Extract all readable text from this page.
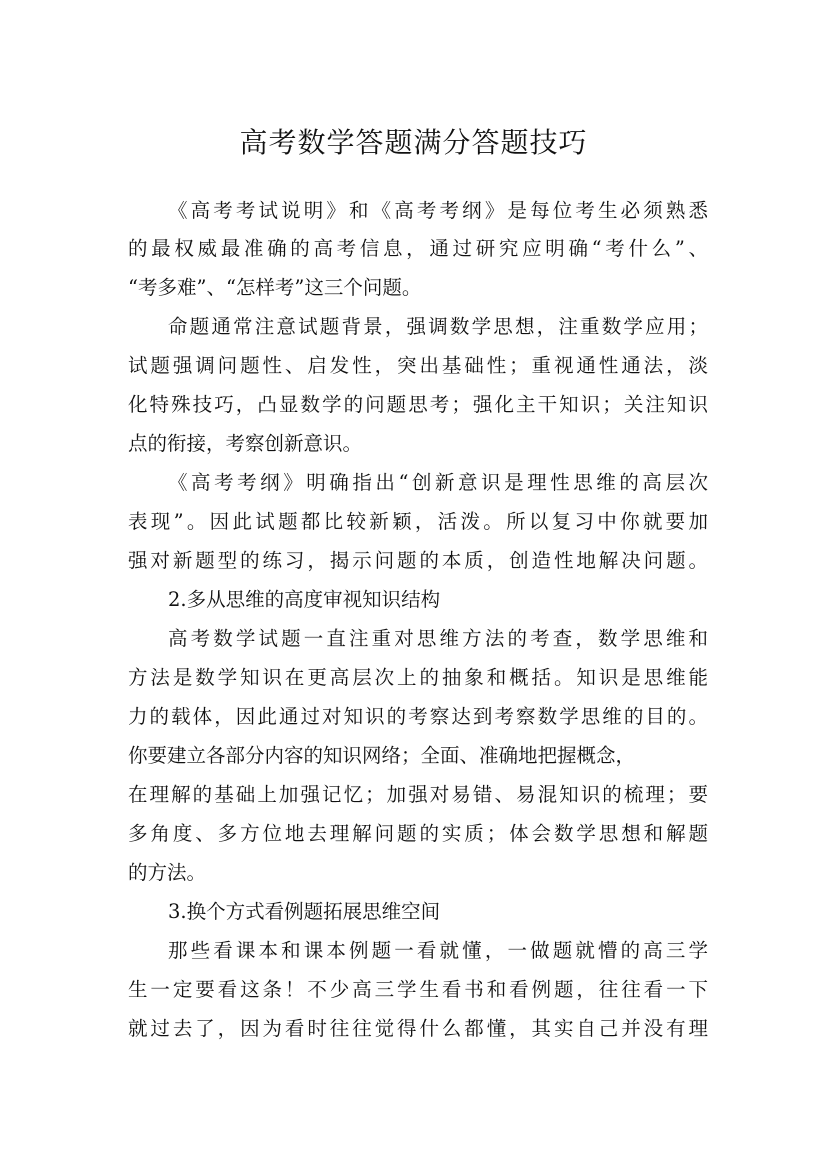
高考数学答题满分答题技巧
《高考考试说明》和《高考考纲》是每位考生必须熟悉
的最权威最准确的高考信息，通过研究应明确“考什么”、
“考多难”、“怎样考”这三个问题。
命题通常注意试题背景，强调数学思想，注重数学应用；
试题强调问题性、启发性，突出基础性；重视通性通法，淡
化特殊技巧，凸显数学的问题思考；强化主干知识；关注知识
点的衔接，考察创新意识。
《高考考纲》明确指出“创新意识是理性思维的高层次
表现”。因此试题都比较新颖，活泼。所以复习中你就要加
强对新题型的练习，揭示问题的本质，创造性地解决问题。
2.多从思维的高度审视知识结构
高考数学试题一直注重对思维方法的考查，数学思维和
方法是数学知识在更高层次上的抽象和概括。知识是思维能
力的载体，因此通过对知识的考察达到考察数学思维的目的。
你要建立各部分内容的知识网络；全面、准确地把握概念，
在理解的基础上加强记忆；加强对易错、易混知识的梳理；要
多角度、多方位地去理解问题的实质；体会数学思想和解题
的方法。
3.换个方式看例题拓展思维空间
那些看课本和课本例题一看就懂，一做题就懵的高三学
生一定要看这条！不少高三学生看书和看例题，往往看一下
就过去了，因为看时往往觉得什么都懂，其实自己并没有理
